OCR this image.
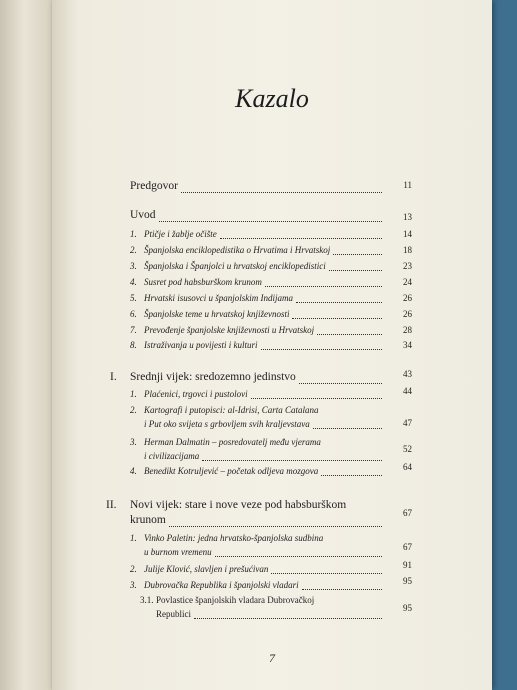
Kazalo
Predgovor	11
Uvod	13
1. Ptičje i žablje očište	14
2. Španjolska enciklopedistika o Hrvatima i Hrvatskoj	18
3. Španjolska i Španjolci u hrvatskoj enciklopedistici	23
4. Susret pod habsburškom krunom	24
5. Hrvatski isusovci u španjolskim Indijama	26
6. Španjolske teme u hrvatskoj književnosti	26
7. Prevođenje španjolske književnosti u Hrvatskoj	28
8. Istraživanja u povijesti i kulturi	34
I. Srednji vijek: sredozemno jedinstvo	43
1. Plaćenici, trgovci i pustolovi	44
2. Kartografi i putopisci: al-Idrisi, Carta Catalana
i Put oko svijeta s grbovljem svih kraljevstava	47
3. Herman Dalmatin – posredovatelj među vjerama
i civilizacijama
52
4. Benedikt Kotruljević – početak odljeva mozgova	64
II. Novi vijek: stare i nove veze pod habsburškom
krunom
67
1. Vinko Paletin: jedna hrvatsko-španjolska sudbina
u burnom vremenu	67
2. Julije Klović, slavljen i prešućivan	91
3. Dubrovačka Republika i španjolski vladari	95
3.1. Povlastice španjolskih vladara Dubrovačkoj
Republici
95
7
